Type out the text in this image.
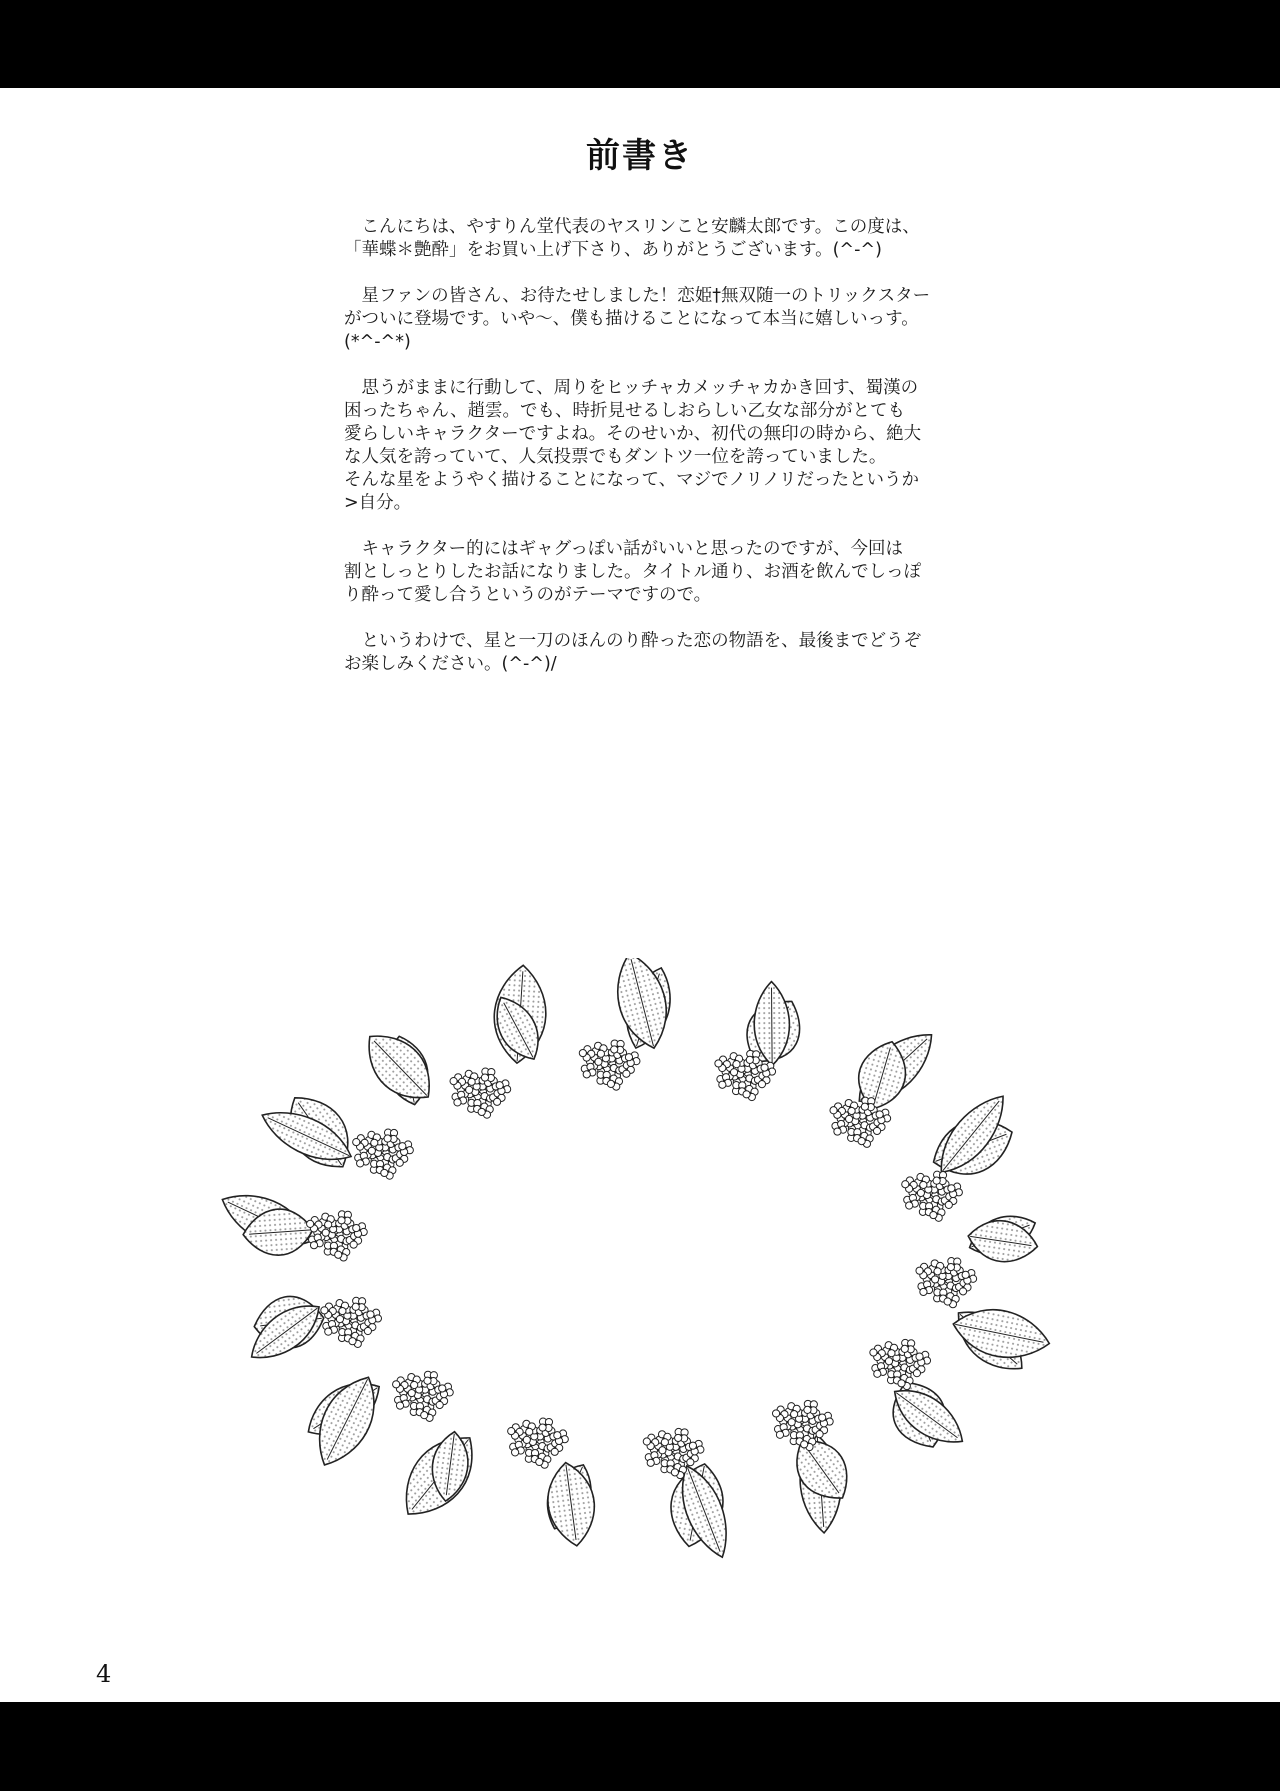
前書き

　こんにちは、やすりん堂代表のヤスリンこと安麟太郎です。この度は、
「華蝶＊艶酔」をお買い上げ下さり、ありがとうございます。(^-^)

　星ファンの皆さん、お待たせしました！恋姫†無双随一のトリックスター
がついに登場です。いや～、僕も描けることになって本当に嬉しいっす。
(*^-^*)

　思うがままに行動して、周りをヒッチャカメッチャカかき回す、蜀漢の
困ったちゃん、趙雲。でも、時折見せるしおらしい乙女な部分がとても
愛らしいキャラクターですよね。そのせいか、初代の無印の時から、絶大
な人気を誇っていて、人気投票でもダントツ一位を誇っていました。
そんな星をようやく描けることになって、マジでノリノリだったというか
>自分。

　キャラクター的にはギャグっぽい話がいいと思ったのですが、今回は
割としっとりしたお話になりました。タイトル通り、お酒を飲んでしっぽ
り酔って愛し合うというのがテーマですので。

　というわけで、星と一刀のほんのり酔った恋の物語を、最後までどうぞ
お楽しみください。(^-^)/

4
